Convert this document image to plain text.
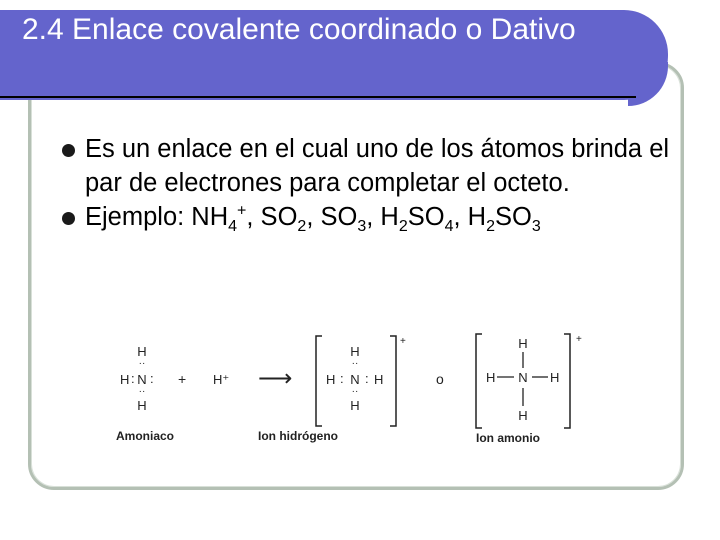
2.4 Enlace covalente coordinado o Dativo
Es un enlace en el cual uno de los átomos brinda el par de electrones para completar el octeto.
Ejemplo: $NH_4^+$, $SO_2$, $SO_3$, $H_2SO_4$, $H_2SO_3$
H
··
H : N :
··
H
+ H⁺ ⟶
+
H
··
H : N : H
··
H
o
+
H
H N H
H
Amoniaco	Ion hidrógeno	Ion amonio
